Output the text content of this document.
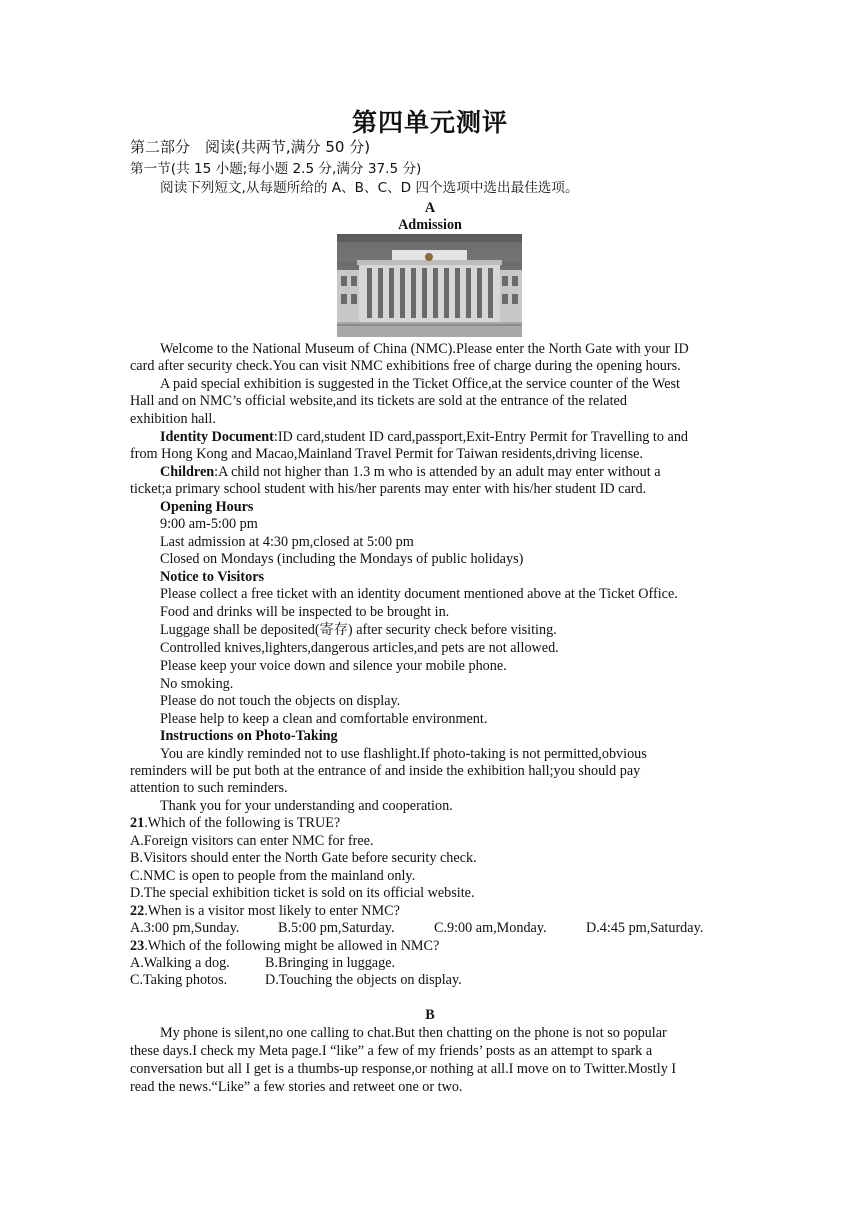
第四单元测评
第二部分　阅读(共两节,满分 50 分)
第一节(共 15 小题;每小题 2.5 分,满分 37.5 分)
阅读下列短文,从每题所给的 A、B、C、D 四个选项中选出最佳选项。
A
Admission
Welcome to the National Museum of China (NMC).Please enter the North Gate with your ID
card after security check.You can visit NMC exhibitions free of charge during the opening hours.
A paid special exhibition is suggested in the Ticket Office,at the service counter of the West
Hall and on NMC’s official website,and its tickets are sold at the entrance of the related
exhibition hall.
Identity Document:ID card,student ID card,passport,Exit-Entry Permit for Travelling to and
from Hong Kong and Macao,Mainland Travel Permit for Taiwan residents,driving license.
Children:A child not higher than 1.3 m who is attended by an adult may enter without a
ticket;a primary school student with his/her parents may enter with his/her student ID card.
Opening Hours
9:00 am-5:00 pm
Last admission at 4:30 pm,closed at 5:00 pm
Closed on Mondays (including the Mondays of public holidays)
Notice to Visitors
Please collect a free ticket with an identity document mentioned above at the Ticket Office.
Food and drinks will be inspected to be brought in.
Luggage shall be deposited(寄存) after security check before visiting.
Controlled knives,lighters,dangerous articles,and pets are not allowed.
Please keep your voice down and silence your mobile phone.
No smoking.
Please do not touch the objects on display.
Please help to keep a clean and comfortable environment.
Instructions on Photo-Taking
You are kindly reminded not to use flashlight.If photo-taking is not permitted,obvious
reminders will be put both at the entrance of and inside the exhibition hall;you should pay
attention to such reminders.
Thank you for your understanding and cooperation.
21.Which of the following is TRUE?
A.Foreign visitors can enter NMC for free.
B.Visitors should enter the North Gate before security check.
C.NMC is open to people from the mainland only.
D.The special exhibition ticket is sold on its official website.
22.When is a visitor most likely to enter NMC?
A.3:00 pm,Sunday.	B.5:00 pm,Saturday.	C.9:00 am,Monday.	D.4:45 pm,Saturday.
23.Which of the following might be allowed in NMC?
A.Walking a dog. B.Bringing in luggage.
C.Taking photos.	D.Touching the objects on display.
B
My phone is silent,no one calling to chat.But then chatting on the phone is not so popular
these days.I check my Meta page.I “like” a few of my friends’ posts as an attempt to spark a
conversation but all I get is a thumbs-up response,or nothing at all.I move on to Twitter.Mostly I
read the news.“Like” a few stories and retweet one or two.
